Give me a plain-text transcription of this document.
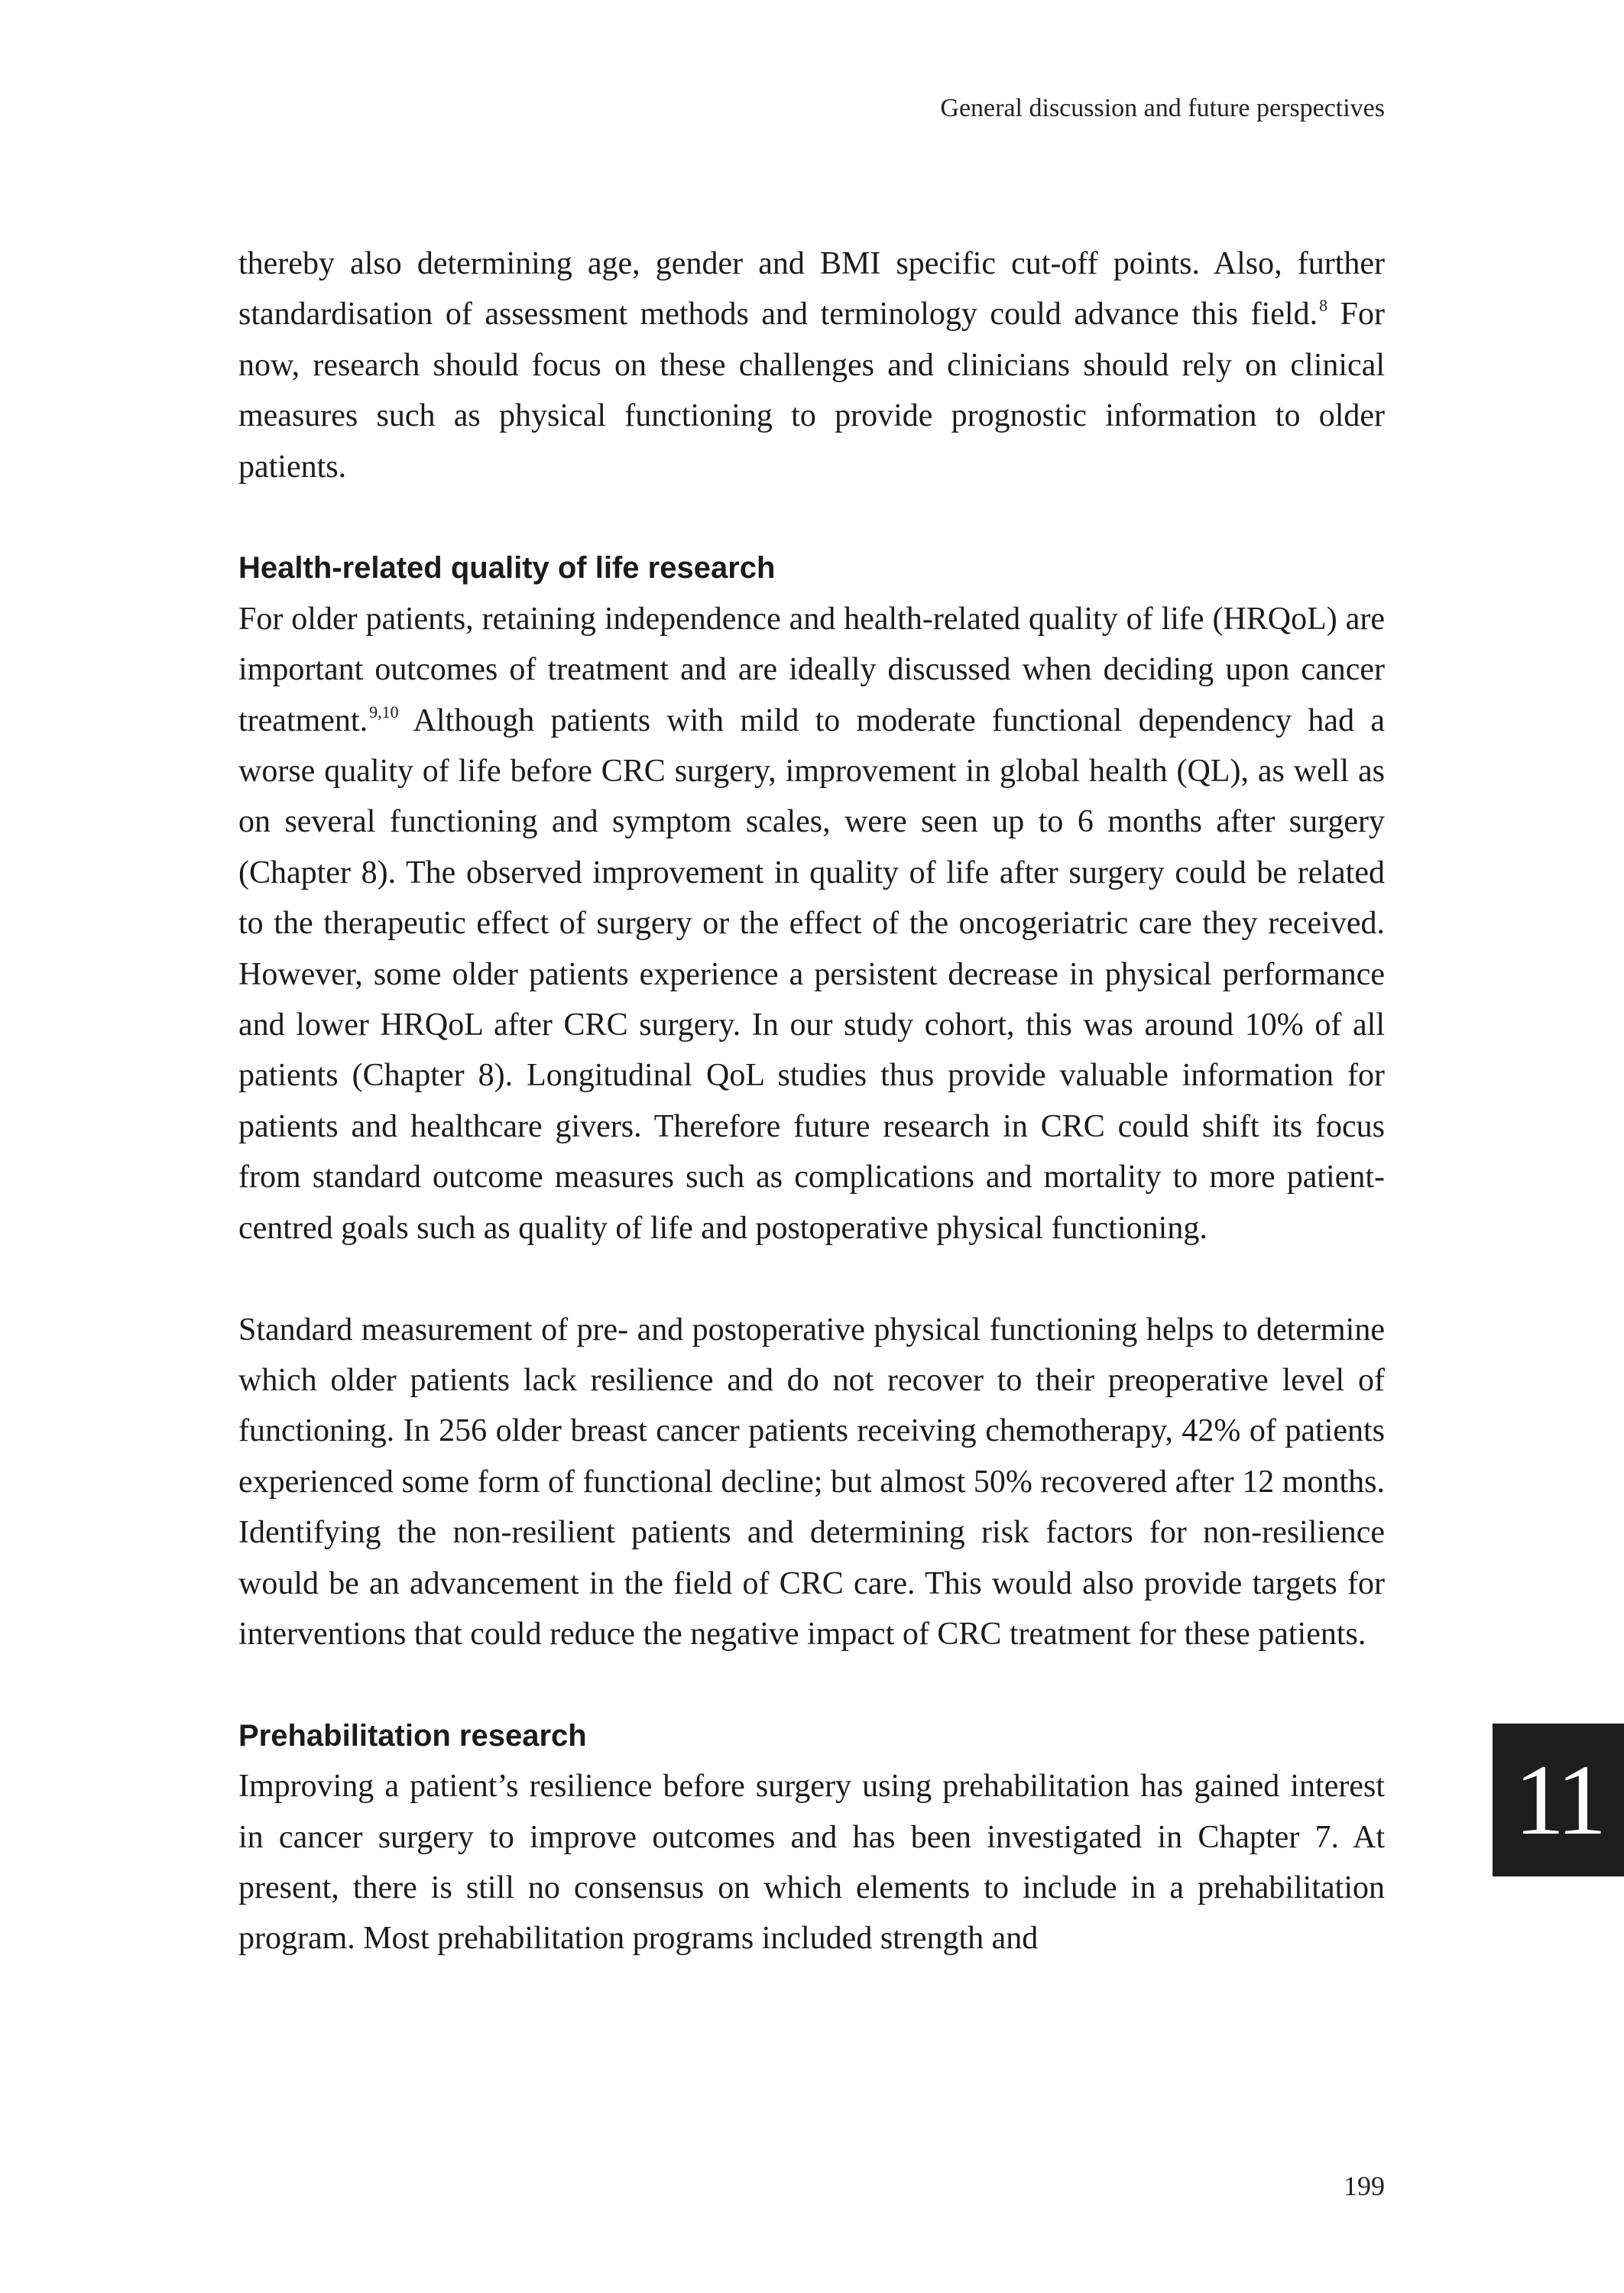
General discussion and future perspectives

thereby also determining age, gender and BMI specific cut-off points. Also, further standardisation of assessment methods and terminology could advance this field.$^8$ For now, research should focus on these challenges and clinicians should rely on clinical measures such as physical functioning to provide prognostic information to older patients.

Health-related quality of life research

For older patients, retaining independence and health-related quality of life (HRQoL) are important outcomes of treatment and are ideally discussed when deciding upon cancer treatment.$^{9,10}$ Although patients with mild to moderate functional dependency had a worse quality of life before CRC surgery, improvement in global health (QL), as well as on several functioning and symptom scales, were seen up to 6 months after surgery (Chapter 8). The observed improvement in quality of life after surgery could be related to the therapeutic effect of surgery or the effect of the oncogeriatric care they received. However, some older patients experience a persistent decrease in physical performance and lower HRQoL after CRC surgery. In our study cohort, this was around 10% of all patients (Chapter 8). Longitudinal QoL studies thus provide valuable information for patients and healthcare givers. Therefore future research in CRC could shift its focus from standard outcome measures such as complications and mortality to more patient-centred goals such as quality of life and postoperative physical functioning.

Standard measurement of pre- and postoperative physical functioning helps to determine which older patients lack resilience and do not recover to their preoperative level of functioning. In 256 older breast cancer patients receiving chemotherapy, 42% of patients experienced some form of functional decline; but almost 50% recovered after 12 months. Identifying the non-resilient patients and determining risk factors for non-resilience would be an advancement in the field of CRC care. This would also provide targets for interventions that could reduce the negative impact of CRC treatment for these patients.

Prehabilitation research

Improving a patient’s resilience before surgery using prehabilitation has gained interest in cancer surgery to improve outcomes and has been investigated in Chapter 7. At present, there is still no consensus on which elements to include in a prehabilitation program. Most prehabilitation programs included strength and

11
199
